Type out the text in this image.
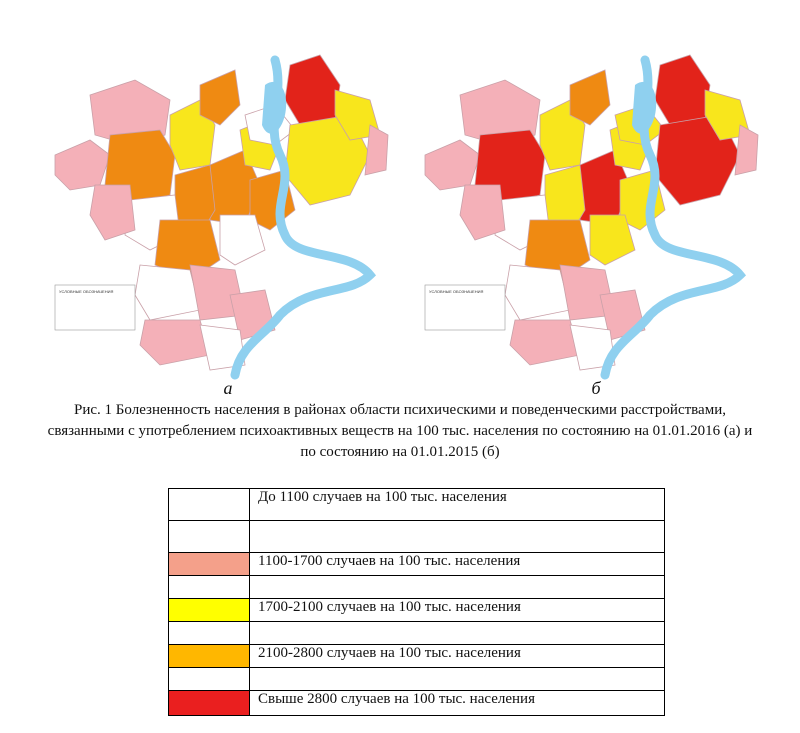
УСЛОВНЫЕ ОБОЗНАЧЕНИЯ	УСЛОВНЫЕ ОБОЗНАЧЕНИЯ
а	б
Рис. 1 Болезненность населения в районах области психическими и поведенческими расстройствами, связанными с употреблением психоактивных веществ на 100 тыс. населения по состоянию на 01.01.2016 (а) и по состоянию на 01.01.2015 (б)
	До 1100 случаев на 100 тыс. населения

	1100-1700 случаев на 100 тыс. населения

	1700-2100 случаев на 100 тыс. населения

	2100-2800 случаев на 100 тыс. населения

	Свыше 2800 случаев на 100 тыс. населения
